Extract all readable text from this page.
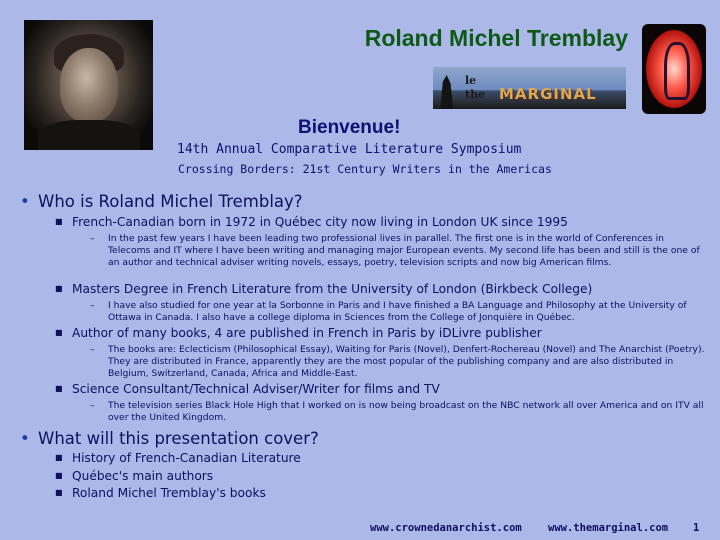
Roland Michel Tremblay
le
the MARGINAL
Bienvenue!
14th Annual Comparative Literature Symposium
Crossing Borders: 21st Century Writers in the Americas
• Who is Roland Michel Tremblay?
■ French-Canadian born in 1972 in Québec city now living in London UK since 1995
– In the past few years I have been leading two professional lives in parallel. The first one is in the world of Conferences in Telecoms and IT where I have been writing and managing major European events. My second life has been and still is the one of an author and technical adviser writing novels, essays, poetry, television scripts and now big American films.
■ Masters Degree in French Literature from the University of London (Birkbeck College)
– I have also studied for one year at la Sorbonne in Paris and I have finished a BA Language and Philosophy at the University of Ottawa in Canada. I also have a college diploma in Sciences from the College of Jonquière in Québec.
■ Author of many books, 4 are published in French in Paris by iDLivre publisher
– The books are: Eclecticism (Philosophical Essay), Waiting for Paris (Novel), Denfert-Rochereau (Novel) and The Anarchist (Poetry). They are distributed in France, apparently they are the most popular of the publishing company and are also distributed in Belgium, Switzerland, Canada, Africa and Middle-East.
■ Science Consultant/Technical Adviser/Writer for films and TV
– The television series Black Hole High that I worked on is now being broadcast on the NBC network all over America and on ITV all over the United Kingdom.
• What will this presentation cover?
■ History of French-Canadian Literature
■ Québec's main authors
■ Roland Michel Tremblay's books
www.crownedanarchist.com	www.themarginal.com 1
